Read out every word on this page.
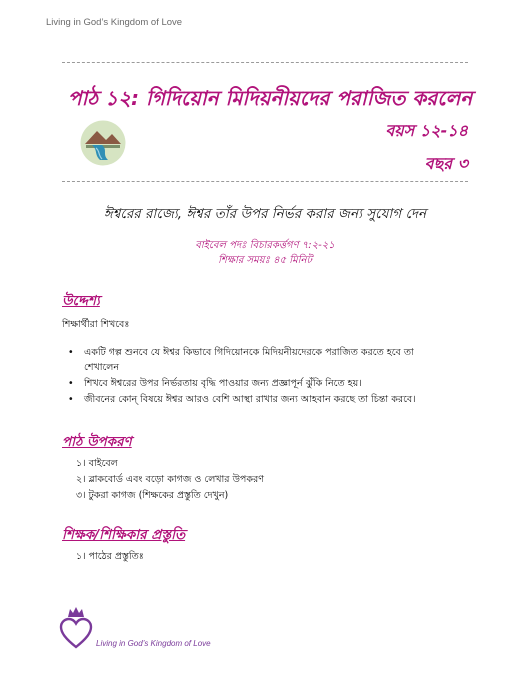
Living in God’s Kingdom of Love
পাঠ ১২: গিদিয়োন মিদিয়নীয়দের পরাজিত করলেন
বয়স ১২-১৪
বছর ৩
ঈশ্বরের রাজ্যে, ঈশ্বর তাঁর উপর নির্ভর করার জন্য সুযোগ দেন
বাইবেল পদঃ বিচারকর্ত্তগণ ৭:২-২১
শিক্ষার সময়ঃ ৪৫ মিনিট
উদ্দেশ্য
শিক্ষার্থীরা শিখবেঃ
• একটি গল্প শুনবে যে ঈশ্বর কিভাবে গিদিয়োনকে মিদিয়নীয়দেরকে পরাজিত করতে হবে তা
শেখালেন
• শিখবে ঈশ্বরের উপর নির্ভরতায় বৃদ্ধি পাওয়ার জন্য প্রজ্ঞাপূর্ন ঝুঁকি নিতে হয়।
• জীবনের কোন্ বিষয়ে ঈশ্বর আরও বেশি আস্থা রাখার জন্য আহবান করছে তা চিন্তা করবে।
পাঠ উপকরণ
১। বাইবেল
২। ব্লাকবোর্ড এবং বড়ো কাগজ ও লেখার উপকরণ
৩। টুকরা কাগজ (শিক্ষকের প্রস্তুতি দেখুন)
শিক্ষক/শিক্ষিকার প্রস্তুতি
১। পাঠের প্রস্তুতিঃ
Living in God’s Kingdom of Love
